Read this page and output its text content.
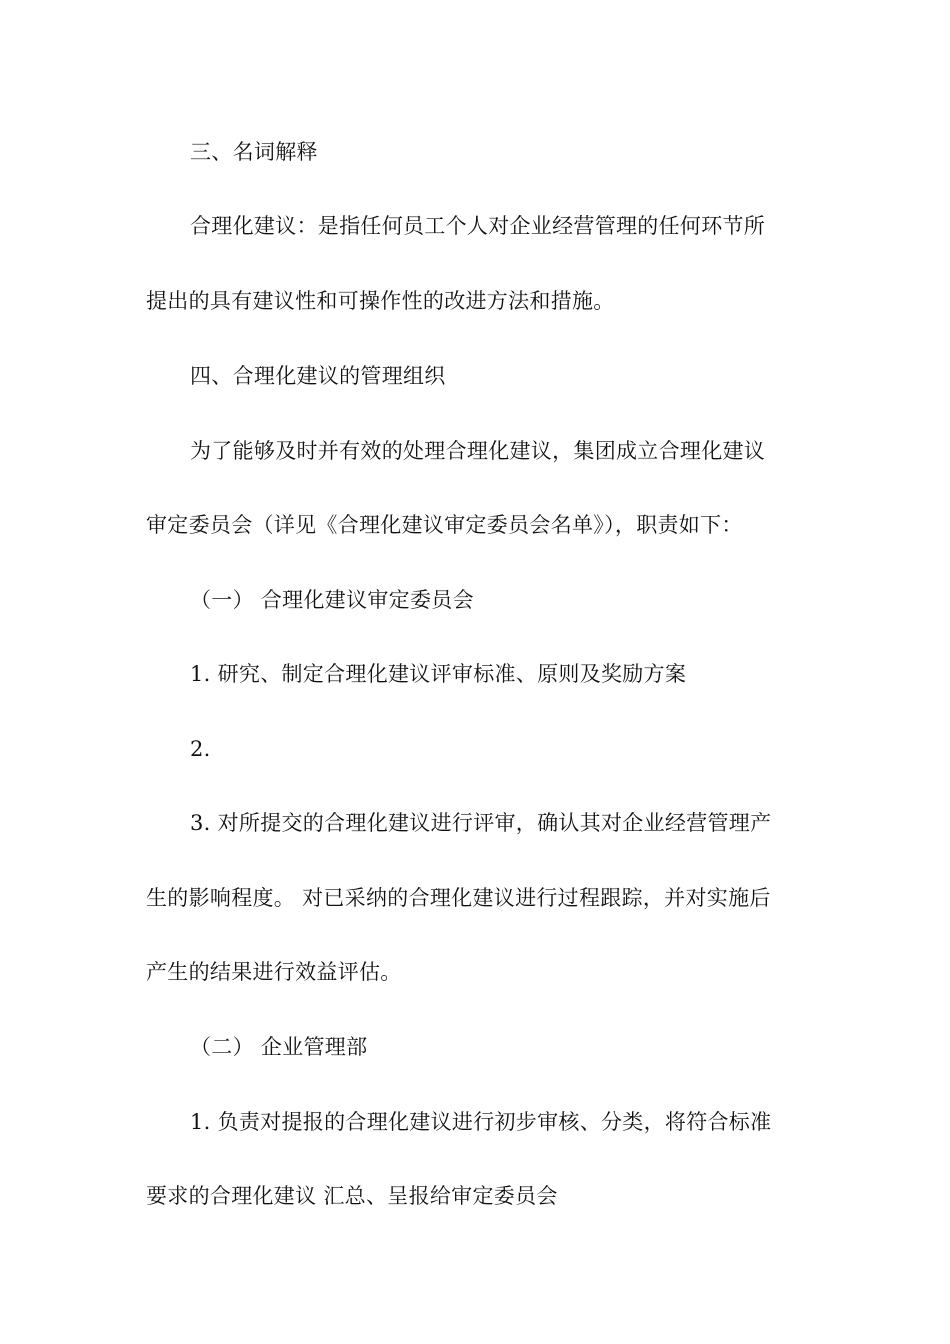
三、名词解释
合理化建议：是指任何员工个人对企业经营管理的任何环节所
提出的具有建议性和可操作性的改进方法和措施。
四、合理化建议的管理组织
为了能够及时并有效的处理合理化建议，集团成立合理化建议
审定委员会（详见《合理化建议审定委员会名单》），职责如下：
（一） 合理化建议审定委员会
1. 研究、制定合理化建议评审标准、原则及奖励方案
2.
3. 对所提交的合理化建议进行评审，确认其对企业经营管理产
生的影响程度。 对已采纳的合理化建议进行过程跟踪，并对实施后
产生的结果进行效益评估。
（二） 企业管理部
1. 负责对提报的合理化建议进行初步审核、分类，将符合标准
要求的合理化建议 汇总、呈报给审定委员会
